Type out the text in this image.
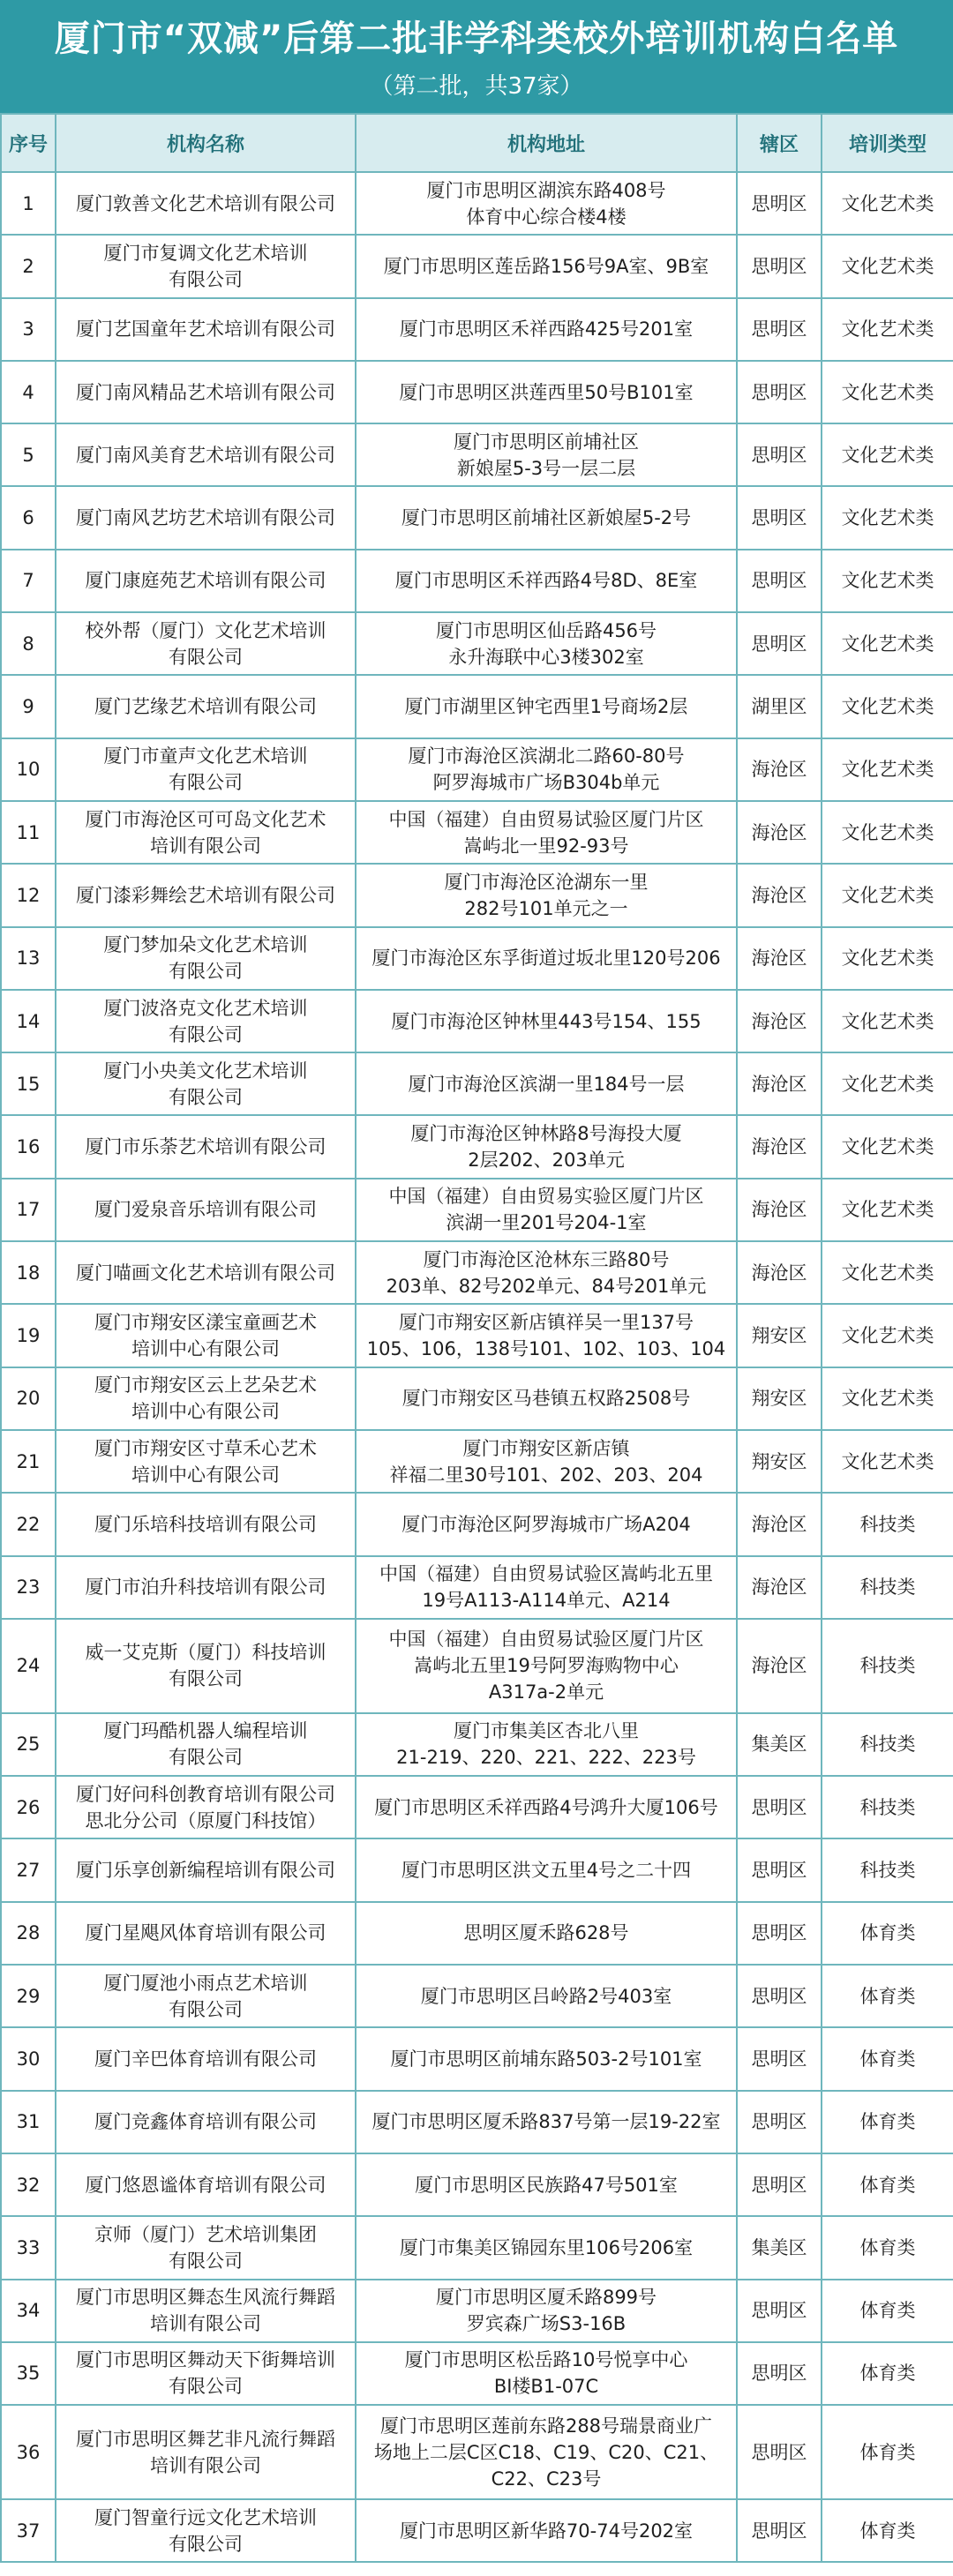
厦门市“双减”后第二批非学科类校外培训机构白名单
（第二批，共37家）
序号	机构名称	机构地址	辖区	培训类型
1	厦门敦善文化艺术培训有限公司	厦门市思明区湖滨东路408号
体育中心综合楼4楼	思明区	文化艺术类
2	厦门市复调文化艺术培训
有限公司	厦门市思明区莲岳路156号9A室、9B室	思明区	文化艺术类
3	厦门艺国童年艺术培训有限公司	厦门市思明区禾祥西路425号201室	思明区	文化艺术类
4	厦门南风精品艺术培训有限公司	厦门市思明区洪莲西里50号B101室	思明区	文化艺术类
5	厦门南风美育艺术培训有限公司	厦门市思明区前埔社区
新娘屋5-3号一层二层	思明区	文化艺术类
6	厦门南风艺坊艺术培训有限公司	厦门市思明区前埔社区新娘屋5-2号	思明区	文化艺术类
7	厦门康庭苑艺术培训有限公司	厦门市思明区禾祥西路4号8D、8E室	思明区	文化艺术类
8	校外帮（厦门）文化艺术培训
有限公司	厦门市思明区仙岳路456号
永升海联中心3楼302室	思明区	文化艺术类
9	厦门艺缘艺术培训有限公司	厦门市湖里区钟宅西里1号商场2层	湖里区	文化艺术类
10	厦门市童声文化艺术培训
有限公司	厦门市海沧区滨湖北二路60-80号
阿罗海城市广场B304b单元	海沧区	文化艺术类
11	厦门市海沧区可可岛文化艺术
培训有限公司	中国（福建）自由贸易试验区厦门片区
嵩屿北一里92-93号	海沧区	文化艺术类
12	厦门漆彩舞绘艺术培训有限公司	厦门市海沧区沧湖东一里
282号101单元之一	海沧区	文化艺术类
13	厦门梦加朵文化艺术培训
有限公司	厦门市海沧区东孚街道过坂北里120号206	海沧区	文化艺术类
14	厦门波洛克文化艺术培训
有限公司	厦门市海沧区钟林里443号154、155	海沧区	文化艺术类
15	厦门小央美文化艺术培训
有限公司	厦门市海沧区滨湖一里184号一层	海沧区	文化艺术类
16	厦门市乐荼艺术培训有限公司	厦门市海沧区钟林路8号海投大厦
2层202、203单元	海沧区	文化艺术类
17	厦门爱泉音乐培训有限公司	中国（福建）自由贸易实验区厦门片区
滨湖一里201号204-1室	海沧区	文化艺术类
18	厦门喵画文化艺术培训有限公司	厦门市海沧区沧林东三路80号
203单、82号202单元、84号201单元	海沧区	文化艺术类
19	厦门市翔安区漾宝童画艺术
培训中心有限公司	厦门市翔安区新店镇祥吴一里137号
105、106，138号101、102、103、104	翔安区	文化艺术类
20	厦门市翔安区云上艺朵艺术
培训中心有限公司	厦门市翔安区马巷镇五权路2508号	翔安区	文化艺术类
21	厦门市翔安区寸草禾心艺术
培训中心有限公司	厦门市翔安区新店镇
祥福二里30号101、202、203、204	翔安区	文化艺术类
22	厦门乐培科技培训有限公司	厦门市海沧区阿罗海城市广场A204	海沧区	科技类
23	厦门市泊升科技培训有限公司	中国（福建）自由贸易试验区嵩屿北五里
19号A113-A114单元、A214	海沧区	科技类
24	威一艾克斯（厦门）科技培训
有限公司	中国（福建）自由贸易试验区厦门片区
嵩屿北五里19号阿罗海购物中心
A317a-2单元	海沧区	科技类
25	厦门玛酷机器人编程培训
有限公司	厦门市集美区杏北八里
21-219、220、221、222、223号	集美区	科技类
26	厦门好问科创教育培训有限公司
思北分公司（原厦门科技馆）	厦门市思明区禾祥西路4号鸿升大厦106号	思明区	科技类
27	厦门乐享创新编程培训有限公司	厦门市思明区洪文五里4号之二十四	思明区	科技类
28	厦门星飓风体育培训有限公司	思明区厦禾路628号	思明区	体育类
29	厦门厦池小雨点艺术培训
有限公司	厦门市思明区吕岭路2号403室	思明区	体育类
30	厦门辛巴体育培训有限公司	厦门市思明区前埔东路503-2号101室	思明区	体育类
31	厦门竞鑫体育培训有限公司	厦门市思明区厦禾路837号第一层19-22室	思明区	体育类
32	厦门悠恩谧体育培训有限公司	厦门市思明区民族路47号501室	思明区	体育类
33	京师（厦门）艺术培训集团
有限公司	厦门市集美区锦园东里106号206室	集美区	体育类
34	厦门市思明区舞态生风流行舞蹈
培训有限公司	厦门市思明区厦禾路899号
罗宾森广场S3-16B	思明区	体育类
35	厦门市思明区舞动天下街舞培训
有限公司	厦门市思明区松岳路10号悦享中心
BI楼B1-07C	思明区	体育类
36	厦门市思明区舞艺非凡流行舞蹈
培训有限公司	厦门市思明区莲前东路288号瑞景商业广
场地上二层C区C18、C19、C20、C21、
C22、C23号	思明区	体育类
37	厦门智童行远文化艺术培训
有限公司	厦门市思明区新华路70-74号202室	思明区	体育类
